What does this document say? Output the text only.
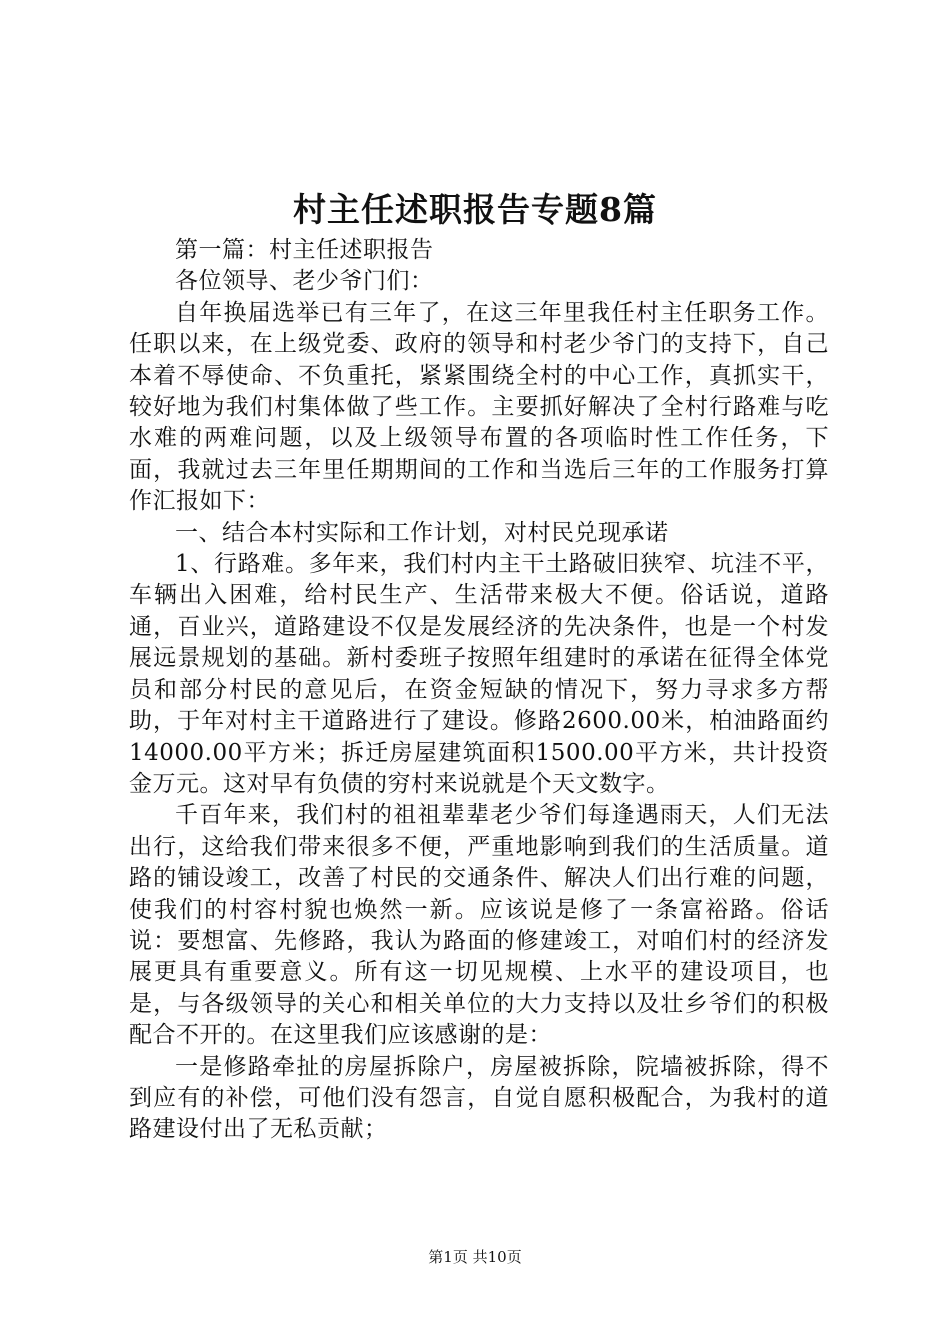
村主任述职报告专题8篇

第一篇：村主任述职报告

各位领导、老少爷门们：

自年换届选举已有三年了，在这三年里我任村主任职务工作。任职以来，在上级党委、政府的领导和村老少爷门的支持下，自己本着不辱使命、不负重托，紧紧围绕全村的中心工作，真抓实干，较好地为我们村集体做了些工作。主要抓好解决了全村行路难与吃水难的两难问题，以及上级领导布置的各项临时性工作任务，下面，我就过去三年里任期期间的工作和当选后三年的工作服务打算作汇报如下：

一、结合本村实际和工作计划，对村民兑现承诺

1、行路难。多年来，我们村内主干土路破旧狭窄、坑洼不平，车辆出入困难，给村民生产、生活带来极大不便。俗话说，道路通，百业兴，道路建设不仅是发展经济的先决条件，也是一个村发展远景规划的基础。新村委班子按照年组建时的承诺在征得全体党员和部分村民的意见后，在资金短缺的情况下，努力寻求多方帮助，于年对村主干道路进行了建设。修路2600.00米，柏油路面约14000.00平方米；拆迁房屋建筑面积1500.00平方米，共计投资金万元。这对早有负债的穷村来说就是个天文数字。

千百年来，我们村的祖祖辈辈老少爷们每逢遇雨天，人们无法出行，这给我们带来很多不便，严重地影响到我们的生活质量。道路的铺设竣工，改善了村民的交通条件、解决人们出行难的问题，使我们的村容村貌也焕然一新。应该说是修了一条富裕路。俗话说：要想富、先修路，我认为路面的修建竣工，对咱们村的经济发展更具有重要意义。所有这一切见规模、上水平的建设项目，也是，与各级领导的关心和相关单位的大力支持以及壮乡爷们的积极配合不开的。在这里我们应该感谢的是：

一是修路牵扯的房屋拆除户，房屋被拆除，院墙被拆除，得不到应有的补偿，可他们没有怨言，自觉自愿积极配合，为我村的道路建设付出了无私贡献；

第1页 共10页
